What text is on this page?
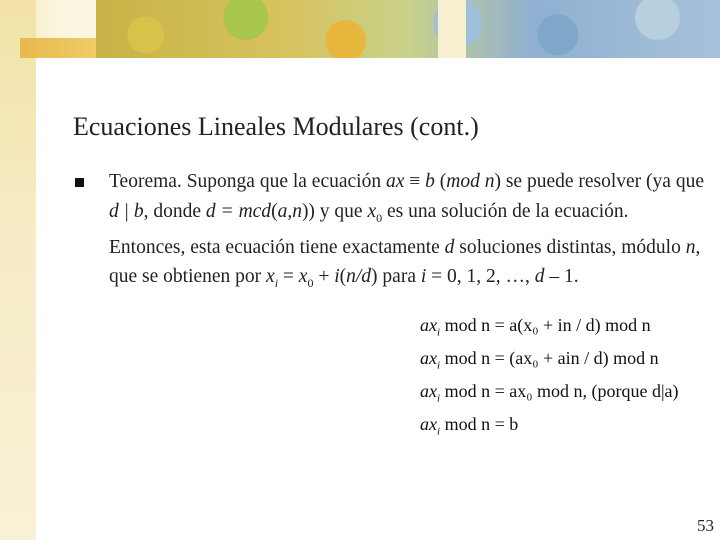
Ecuaciones Lineales Modulares (cont.)
Teorema. Suponga que la ecuación ax ≡ b (mod n) se puede resolver (ya que d | b, donde d = mcd(a,n)) y que $x_0$ es una solución de la ecuación. Entonces, esta ecuación tiene exactamente d soluciones distintas, módulo n, que se obtienen por $x_i = x_0 + i(n/d)$ para i = 0, 1, 2, …, d – 1.
$ax_i$ mod n = a(x₀ + in / d) mod n
$ax_i$ mod n = (ax₀ + ain / d) mod n
$ax_i$ mod n = ax₀ mod n, (porque d|a)
$ax_i$ mod n = b
53
